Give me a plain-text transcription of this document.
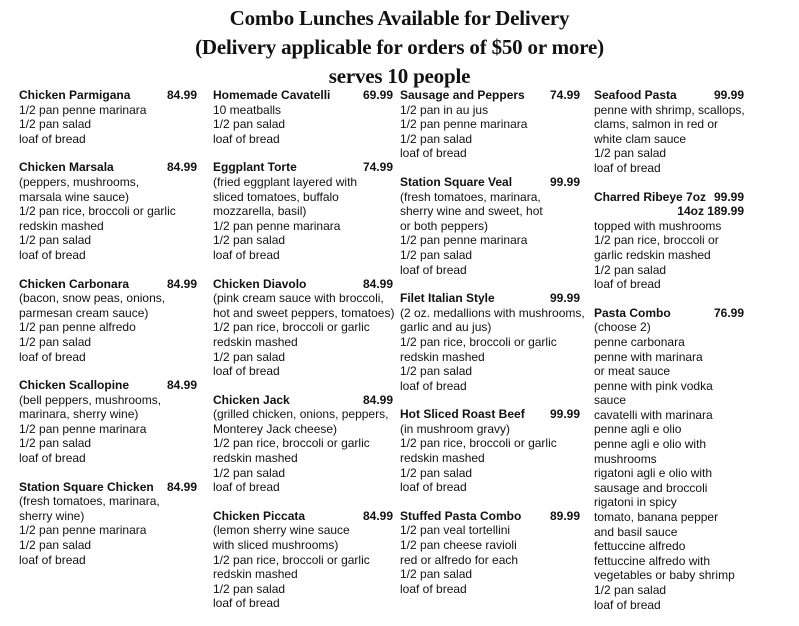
Combo Lunches Available for Delivery
(Delivery applicable for orders of $50 or more)
serves 10 people
Chicken Parmigana	84.99
1/2 pan penne marinara
1/2 pan salad
loaf of bread
Chicken Marsala	84.99
(peppers, mushrooms,
marsala wine sauce)
1/2 pan rice, broccoli or garlic
redskin mashed
1/2 pan salad
loaf of bread
Chicken Carbonara	84.99
(bacon, snow peas, onions,
parmesan cream sauce)
1/2 pan penne alfredo
1/2 pan salad
loaf of bread
Chicken Scallopine	84.99
(bell peppers, mushrooms,
marinara, sherry wine)
1/2 pan penne marinara
1/2 pan salad
loaf of bread
Station Square Chicken	84.99
(fresh tomatoes, marinara,
sherry wine)
1/2 pan penne marinara
1/2 pan salad
loaf of bread
Homemade Cavatelli	69.99
10 meatballs
1/2 pan salad
loaf of bread
Eggplant Torte	74.99
(fried eggplant layered with
sliced tomatoes, buffalo
mozzarella, basil)
1/2 pan penne marinara
1/2 pan salad
loaf of bread
Chicken Diavolo	84.99
(pink cream sauce with broccoli,
hot and sweet peppers, tomatoes)
1/2 pan rice, broccoli or garlic
redskin mashed
1/2 pan salad
loaf of bread
Chicken Jack	84.99
(grilled chicken, onions, peppers,
Monterey Jack cheese)
1/2 pan rice, broccoli or garlic
redskin mashed
1/2 pan salad
loaf of bread
Chicken Piccata	84.99
(lemon sherry wine sauce
with sliced mushrooms)
1/2 pan rice, broccoli or garlic
redskin mashed
1/2 pan salad
loaf of bread
Sausage and Peppers	74.99
1/2 pan in au jus
1/2 pan penne marinara
1/2 pan salad
loaf of bread
Station Square Veal	99.99
(fresh tomatoes, marinara,
sherry wine and sweet, hot
or both peppers)
1/2 pan penne marinara
1/2 pan salad
loaf of bread
Filet Italian Style	99.99
(2 oz. medallions with mushrooms,
garlic and au jus)
1/2 pan rice, broccoli or garlic
redskin mashed
1/2 pan salad
loaf of bread
Hot Sliced Roast Beef	99.99
(in mushroom gravy)
1/2 pan rice, broccoli or garlic
redskin mashed
1/2 pan salad
loaf of bread
Stuffed Pasta Combo	89.99
1/2 pan veal tortellini
1/2 pan cheese ravioli
red or alfredo for each
1/2 pan salad
loaf of bread
Seafood Pasta	99.99
penne with shrimp, scallops,
clams, salmon in red or
white clam sauce
1/2 pan salad
loaf of bread
Charred Ribeye 7oz 99.99
14oz 189.99
topped with mushrooms
1/2 pan rice, broccoli or
garlic redskin mashed
1/2 pan salad
loaf of bread
Pasta Combo	76.99
(choose 2)
penne carbonara
penne with marinara
or meat sauce
penne with pink vodka
sauce
cavatelli with marinara
penne agli e olio
penne agli e olio with
mushrooms
rigatoni agli e olio with
sausage and broccoli
rigatoni in spicy
tomato, banana pepper
and basil sauce
fettuccine alfredo
fettuccine alfredo with
vegetables or baby shrimp
1/2 pan salad
loaf of bread
